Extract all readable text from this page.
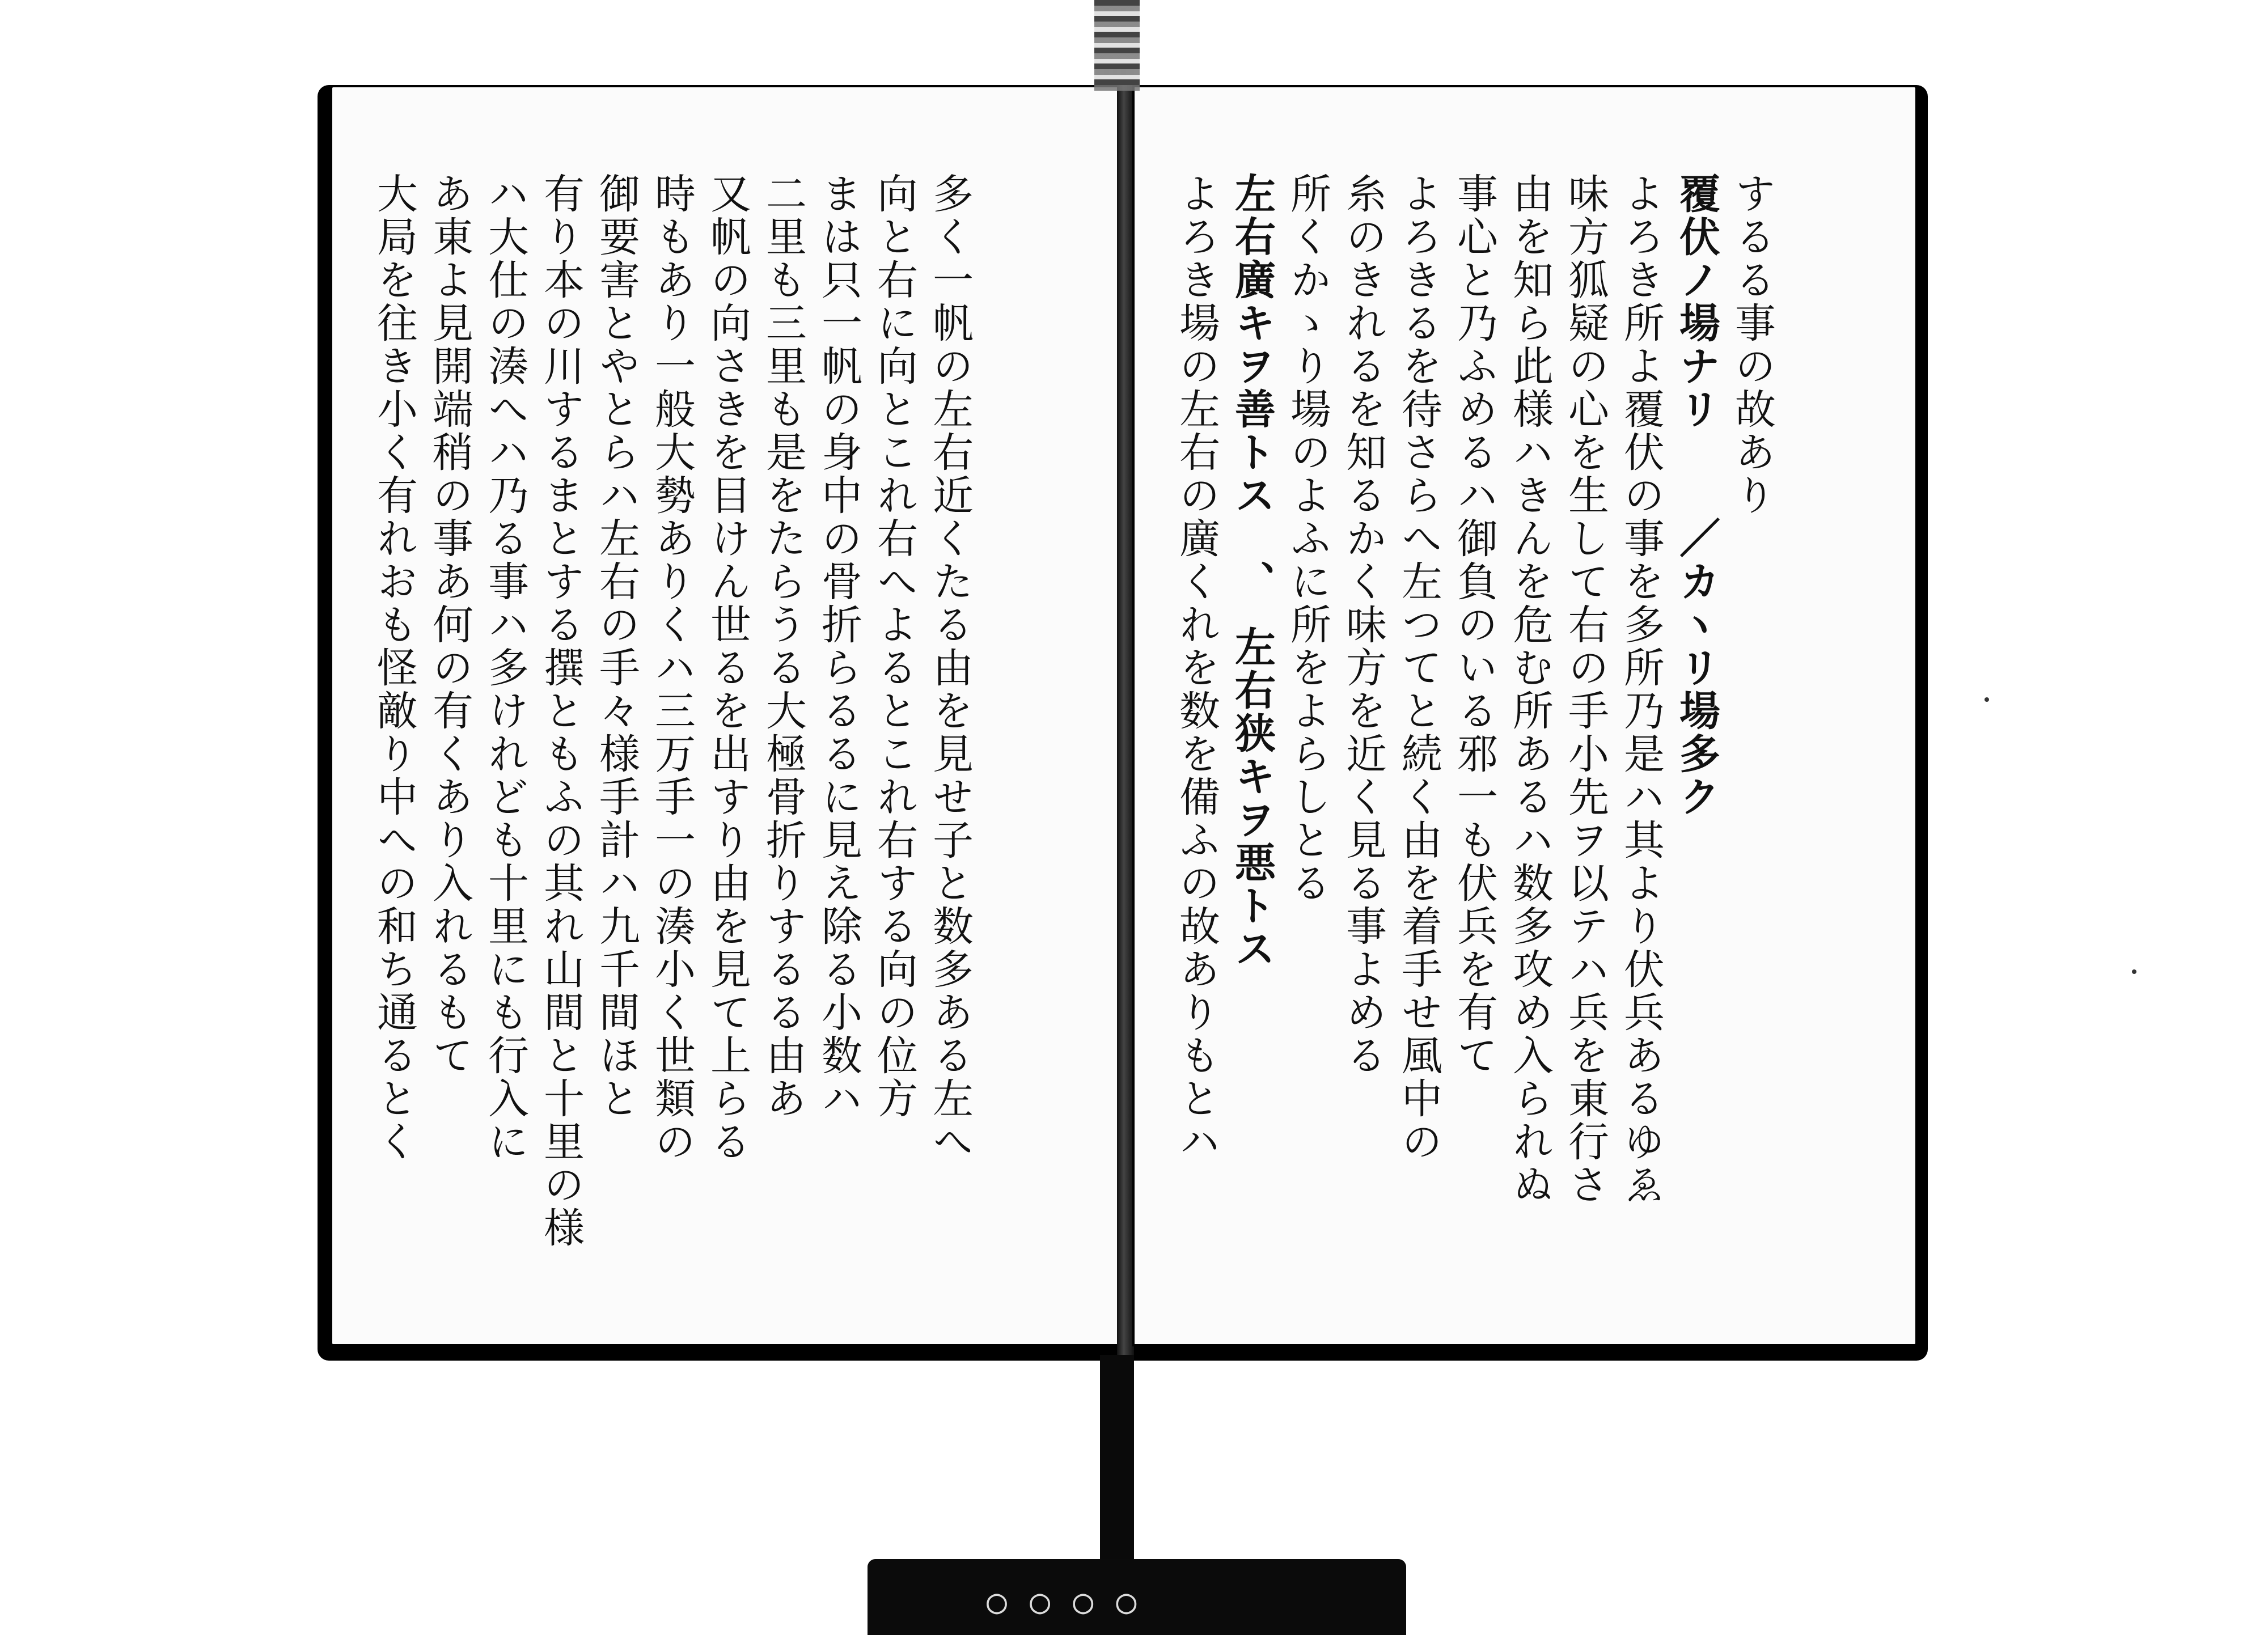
多く一帆の左右近くたる由を見せ子と数多ある左へ

向と右に向とこれ右へよるとこれ右する向の位方

まは只一帆の身中の骨折らるるに見え除る小数ハ

二里も三里も是をたらうる大極骨折りするる由あ

又帆の向さきを目けん世るを出すり由を見て上らる

時もあり一般大勢ありくハ三万手一の湊小く世類の

御要害とやとらハ左右の手々様手計ハ九千間ほと

有り本の川するまとする撰ともふの其れ山間と十里の様

ハ大仕の湊へハ乃る事ハ多けれども十里にも行入に

あ東よ見開端稍の事あ何の有くあり入れるもて

大局を往き小く有れおも怪敵り中への和ち通るとく	するる事の故あり

覆伏ノ場ナリ　　／カヽリ場多ク

よろき所よ覆伏の事を多所乃是ハ其より伏兵あるゆゑ

味方狐疑の心を生して右の手小先ヲ以テハ兵を東行さ

由を知ら此様ハきんを危む所あるハ数多攻め入られぬ

事心と乃ふめるハ御負のいる邪一も伏兵を有て

よろきるを待さらへ左つてと続く由を着手せ風中の

糸のきれるを知るかく味方を近く見る事よめる

所くかゝり場のよふに所をよらしとる

左右廣キヲ善トス　、　左右狭キヲ悪トス

よろき場の左右の廣くれを数を備ふの故ありもとハ

○○○○
